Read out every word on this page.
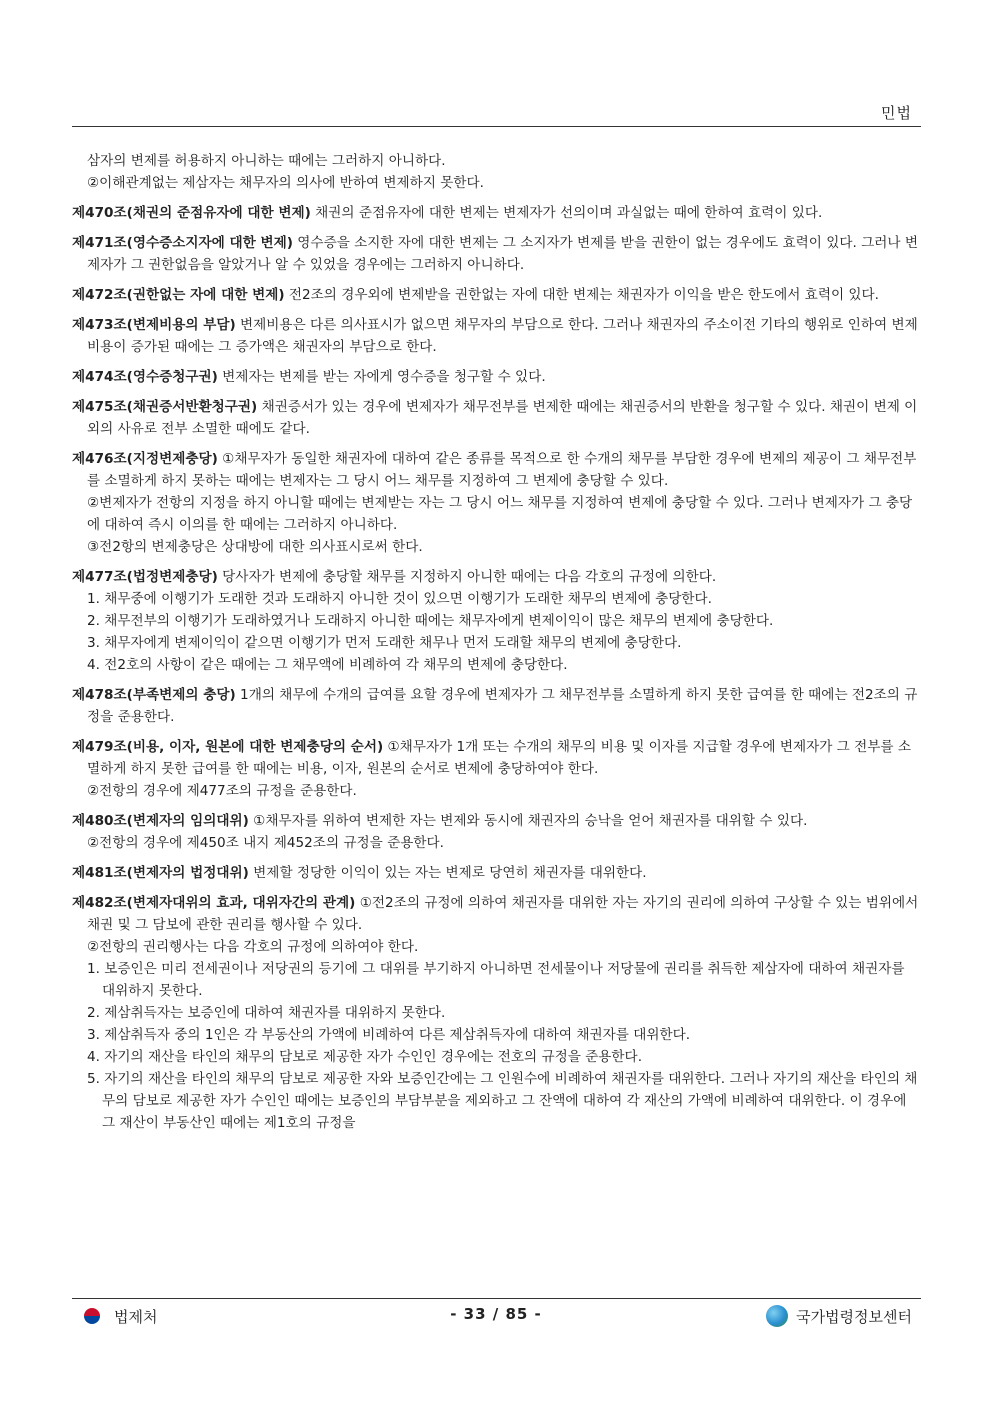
민법
삼자의 변제를 허용하지 아니하는 때에는 그러하지 아니하다.
②이해관계없는 제삼자는 채무자의 의사에 반하여 변제하지 못한다.
제470조(채권의 준점유자에 대한 변제) 채권의 준점유자에 대한 변제는 변제자가 선의이며 과실없는 때에 한하여 효력이 있다.
제471조(영수증소지자에 대한 변제) 영수증을 소지한 자에 대한 변제는 그 소지자가 변제를 받을 권한이 없는 경우에도 효력이 있다. 그러나 변제자가 그 권한없음을 알았거나 알 수 있었을 경우에는 그러하지 아니하다.
제472조(권한없는 자에 대한 변제) 전2조의 경우외에 변제받을 권한없는 자에 대한 변제는 채권자가 이익을 받은 한도에서 효력이 있다.
제473조(변제비용의 부담) 변제비용은 다른 의사표시가 없으면 채무자의 부담으로 한다. 그러나 채권자의 주소이전 기타의 행위로 인하여 변제비용이 증가된 때에는 그 증가액은 채권자의 부담으로 한다.
제474조(영수증청구권) 변제자는 변제를 받는 자에게 영수증을 청구할 수 있다.
제475조(채권증서반환청구권) 채권증서가 있는 경우에 변제자가 채무전부를 변제한 때에는 채권증서의 반환을 청구할 수 있다. 채권이 변제 이외의 사유로 전부 소멸한 때에도 같다.
제476조(지정변제충당) ①채무자가 동일한 채권자에 대하여 같은 종류를 목적으로 한 수개의 채무를 부담한 경우에 변제의 제공이 그 채무전부를 소멸하게 하지 못하는 때에는 변제자는 그 당시 어느 채무를 지정하여 그 변제에 충당할 수 있다.
②변제자가 전항의 지정을 하지 아니할 때에는 변제받는 자는 그 당시 어느 채무를 지정하여 변제에 충당할 수 있다. 그러나 변제자가 그 충당에 대하여 즉시 이의를 한 때에는 그러하지 아니하다.
③전2항의 변제충당은 상대방에 대한 의사표시로써 한다.
제477조(법정변제충당) 당사자가 변제에 충당할 채무를 지정하지 아니한 때에는 다음 각호의 규정에 의한다.
1. 채무중에 이행기가 도래한 것과 도래하지 아니한 것이 있으면 이행기가 도래한 채무의 변제에 충당한다.
2. 채무전부의 이행기가 도래하였거나 도래하지 아니한 때에는 채무자에게 변제이익이 많은 채무의 변제에 충당한다.
3. 채무자에게 변제이익이 같으면 이행기가 먼저 도래한 채무나 먼저 도래할 채무의 변제에 충당한다.
4. 전2호의 사항이 같은 때에는 그 채무액에 비례하여 각 채무의 변제에 충당한다.
제478조(부족변제의 충당) 1개의 채무에 수개의 급여를 요할 경우에 변제자가 그 채무전부를 소멸하게 하지 못한 급여를 한 때에는 전2조의 규정을 준용한다.
제479조(비용, 이자, 원본에 대한 변제충당의 순서) ①채무자가 1개 또는 수개의 채무의 비용 및 이자를 지급할 경우에 변제자가 그 전부를 소멸하게 하지 못한 급여를 한 때에는 비용, 이자, 원본의 순서로 변제에 충당하여야 한다.
②전항의 경우에 제477조의 규정을 준용한다.
제480조(변제자의 임의대위) ①채무자를 위하여 변제한 자는 변제와 동시에 채권자의 승낙을 얻어 채권자를 대위할 수 있다.
②전항의 경우에 제450조 내지 제452조의 규정을 준용한다.
제481조(변제자의 법정대위) 변제할 정당한 이익이 있는 자는 변제로 당연히 채권자를 대위한다.
제482조(변제자대위의 효과, 대위자간의 관계) ①전2조의 규정에 의하여 채권자를 대위한 자는 자기의 권리에 의하여 구상할 수 있는 범위에서 채권 및 그 담보에 관한 권리를 행사할 수 있다.
②전항의 권리행사는 다음 각호의 규정에 의하여야 한다.
1. 보증인은 미리 전세권이나 저당권의 등기에 그 대위를 부기하지 아니하면 전세물이나 저당물에 권리를 취득한 제삼자에 대하여 채권자를 대위하지 못한다.
2. 제삼취득자는 보증인에 대하여 채권자를 대위하지 못한다.
3. 제삼취득자 중의 1인은 각 부동산의 가액에 비례하여 다른 제삼취득자에 대하여 채권자를 대위한다.
4. 자기의 재산을 타인의 채무의 담보로 제공한 자가 수인인 경우에는 전호의 규정을 준용한다.
5. 자기의 재산을 타인의 채무의 담보로 제공한 자와 보증인간에는 그 인원수에 비례하여 채권자를 대위한다. 그러나 자기의 재산을 타인의 채무의 담보로 제공한 자가 수인인 때에는 보증인의 부담부분을 제외하고 그 잔액에 대하여 각 재산의 가액에 비례하여 대위한다. 이 경우에 그 재산이 부동산인 때에는 제1호의 규정을
법제처	- 33 / 85 -	국가법령정보센터
